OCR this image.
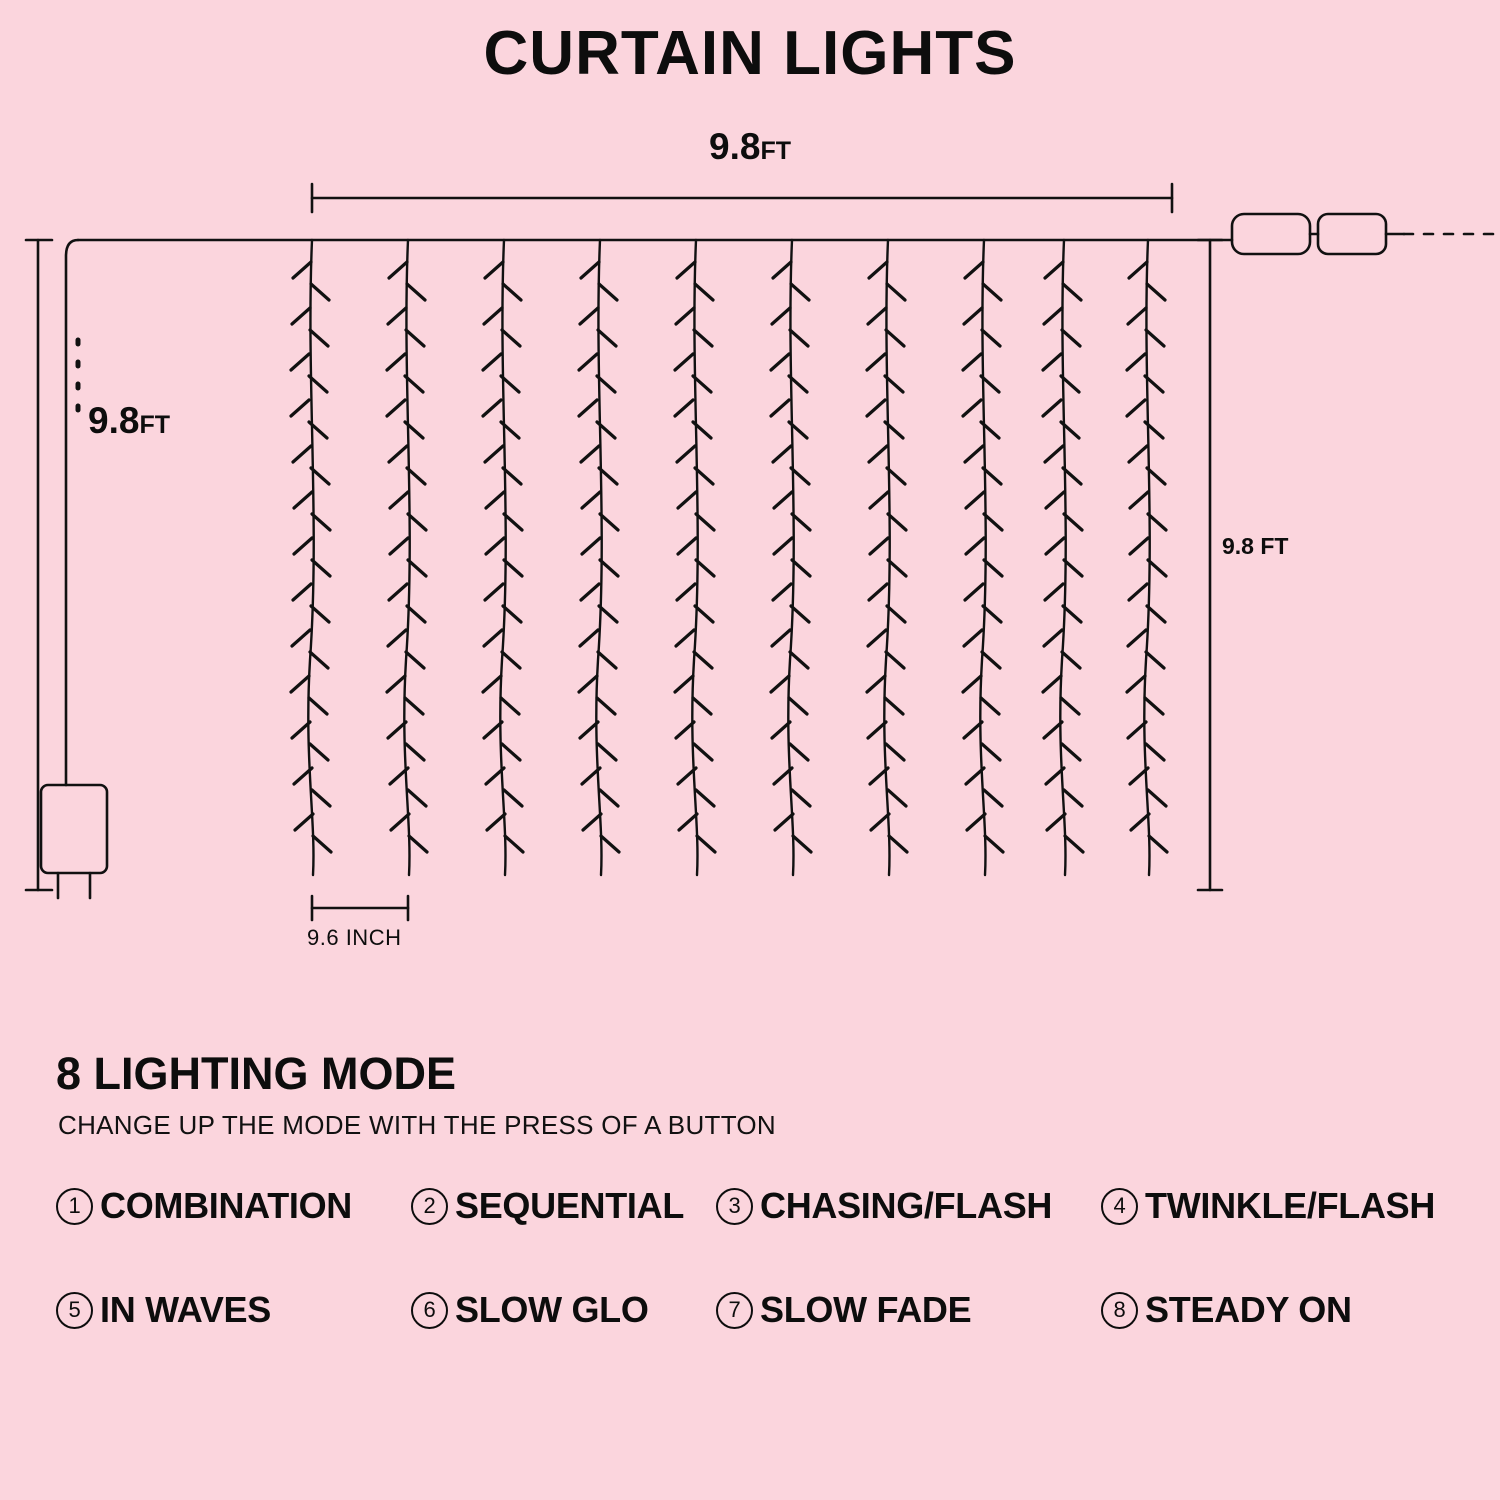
CURTAIN LIGHTS
9.8FT
9.8FT
9.8 FT
9.6 INCH
8 LIGHTING MODE
CHANGE UP THE MODE WITH THE PRESS OF A BUTTON
1 COMBINATION	2 SEQUENTIAL	3 CHASING/FLASH	4 TWINKLE/FLASH
5 IN WAVES	6 SLOW GLO	7 SLOW FADE	8 STEADY ON
